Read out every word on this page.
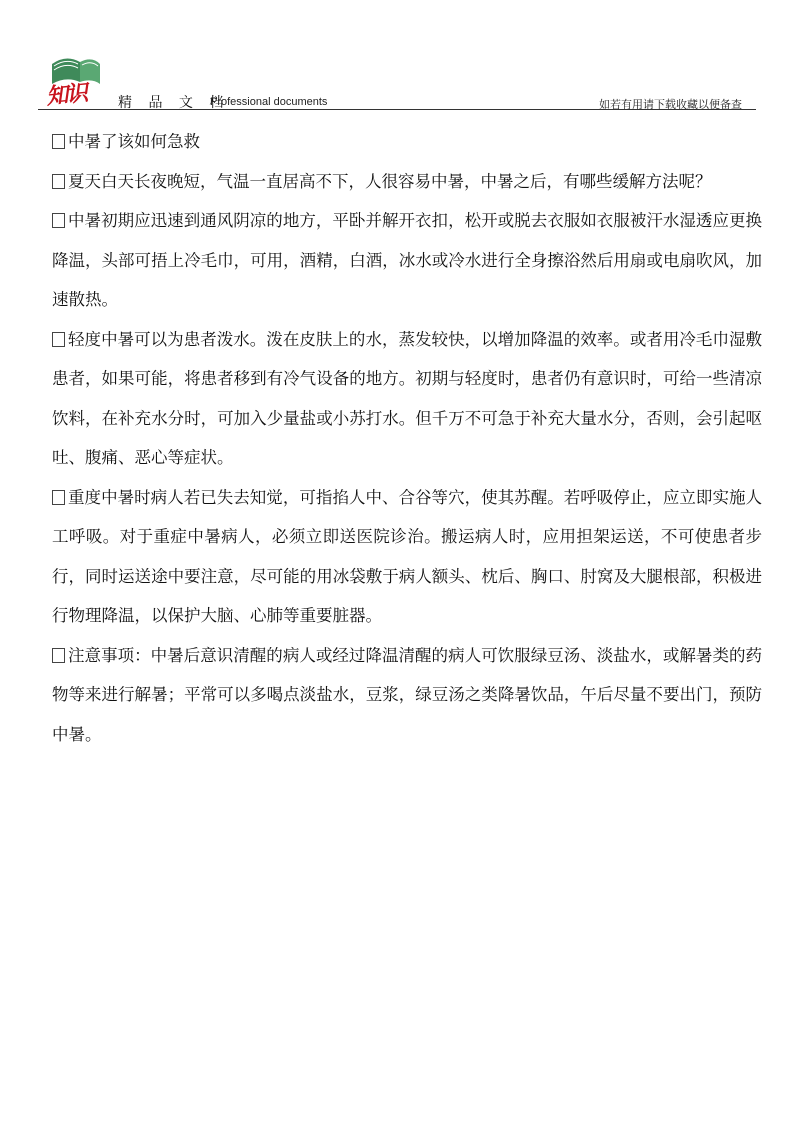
知识 精 品 文 档
Professional documents	如若有用请下载收藏以便备查

中暑了该如何急救

夏天白天长夜晚短，气温一直居高不下，人很容易中暑，中暑之后，有哪些缓解方法呢？

中暑初期应迅速到通风阴凉的地方，平卧并解开衣扣，松开或脱去衣服如衣服被汗水湿透应更换降温，头部可捂上冷毛巾，可用，酒精，白酒，冰水或冷水进行全身擦浴然后用扇或电扇吹风，加速散热。

轻度中暑可以为患者泼水。泼在皮肤上的水，蒸发较快，以增加降温的效率。或者用冷毛巾湿敷患者，如果可能，将患者移到有冷气设备的地方。初期与轻度时，患者仍有意识时，可给一些清凉饮料，在补充水分时，可加入少量盐或小苏打水。但千万不可急于补充大量水分，否则，会引起呕吐、腹痛、恶心等症状。

重度中暑时病人若已失去知觉，可指掐人中、合谷等穴，使其苏醒。若呼吸停止，应立即实施人工呼吸。对于重症中暑病人，必须立即送医院诊治。搬运病人时，应用担架运送，不可使患者步行，同时运送途中要注意，尽可能的用冰袋敷于病人额头、枕后、胸口、肘窝及大腿根部，积极进行物理降温，以保护大脑、心肺等重要脏器。

注意事项：中暑后意识清醒的病人或经过降温清醒的病人可饮服绿豆汤、淡盐水，或解暑类的药物等来进行解暑；平常可以多喝点淡盐水，豆浆，绿豆汤之类降暑饮品，午后尽量不要出门，预防中暑。
